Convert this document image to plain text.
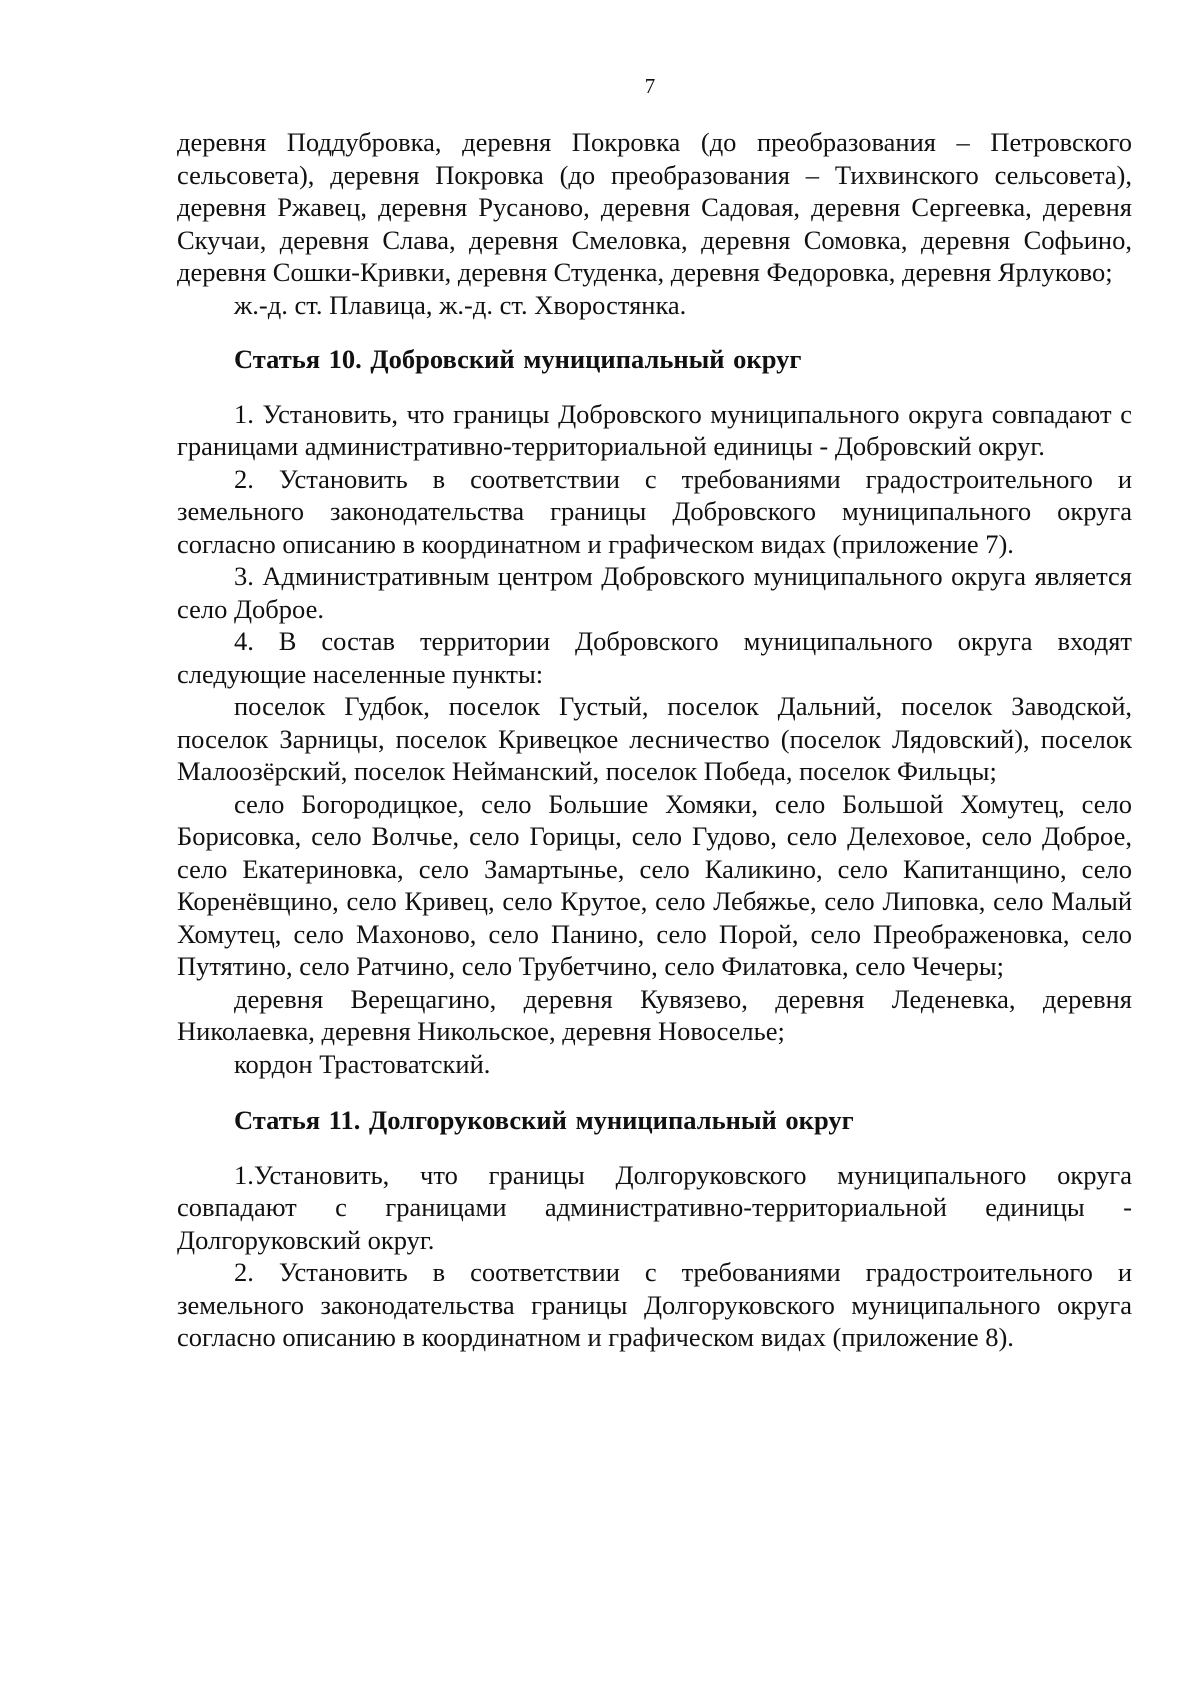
7

деревня Поддубровка, деревня Покровка (до преобразования – Петровского сельсовета), деревня Покровка (до преобразования – Тихвинского сельсовета), деревня Ржавец, деревня Русаново, деревня Садовая, деревня Сергеевка, деревня Скучаи, деревня Слава, деревня Смеловка, деревня Сомовка, деревня Софьино, деревня Сошки-Кривки, деревня Студенка, деревня Федоровка, деревня Ярлуково;

ж.-д. ст. Плавица, ж.-д. ст. Хворостянка.

Статья 10. Добровский муниципальный округ

1. Установить, что границы Добровского муниципального округа совпадают с границами административно-территориальной единицы - Добровский округ.

2. Установить в соответствии с требованиями градостроительного и земельного законодательства границы Добровского муниципального округа согласно описанию в координатном и графическом видах (приложение 7).

3. Административным центром Добровского муниципального округа является село Доброе.

4. В состав территории Добровского муниципального округа входят следующие населенные пункты:

поселок Гудбок, поселок Густый, поселок Дальний, поселок Заводской, поселок Зарницы, поселок Кривецкое лесничество (поселок Лядовский), поселок Малоозёрский, поселок Нейманский, поселок Победа, поселок Фильцы;

село Богородицкое, село Большие Хомяки, село Большой Хомутец, село Борисовка, село Волчье, село Горицы, село Гудово, село Делеховое, село Доброе, село Екатериновка, село Замартынье, село Каликино, село Капитанщино, село Коренёвщино, село Кривец, село Крутое, село Лебяжье, село Липовка, село Малый Хомутец, село Махоново, село Панино, село Порой, село Преображеновка, село Путятино, село Ратчино, село Трубетчино, село Филатовка, село Чечеры;

деревня Верещагино, деревня Кувязево, деревня Леденевка, деревня Николаевка, деревня Никольское, деревня Новоселье;

кордон Трастоватский.

Статья 11. Долгоруковский муниципальный округ

1.Установить, что границы Долгоруковского муниципального округа совпадают с границами административно-территориальной единицы - Долгоруковский округ.

2. Установить в соответствии с требованиями градостроительного и земельного законодательства границы Долгоруковского муниципального округа согласно описанию в координатном и графическом видах (приложение 8).
